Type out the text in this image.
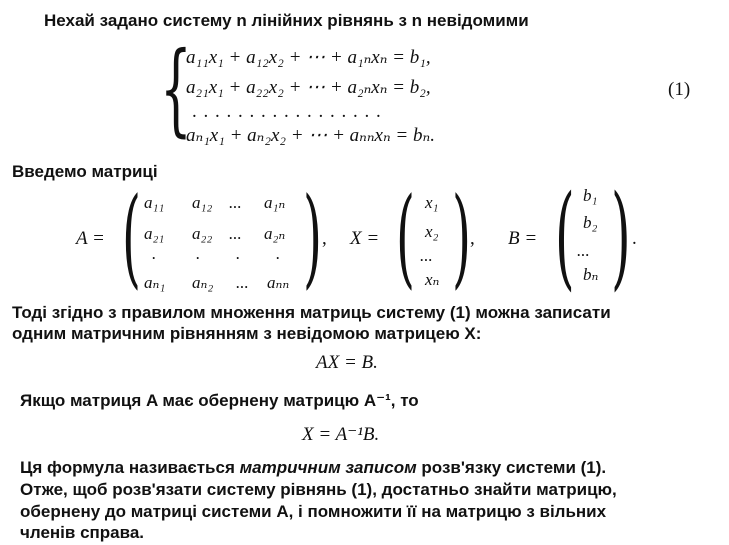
Нехай задано систему n лінійних рівнянь з n невідомими
{
a₁₁x₁ + a₁₂x₂ + ⋯ + a₁ₙxₙ = b₁,
a₂₁x₁ + a₂₂x₂ + ⋯ + a₂ₙxₙ = b₂,
. . . . . . . . . . . . . . . . .
aₙ₁x₁ + aₙ₂x₂ + ⋯ + aₙₙxₙ = bₙ.
(1)
Введемо матриці
A = ( )
a₁₁ a₁₂ ... a₁ₙ
a₂₁ a₂₂ ... a₂ₙ
. . . .
aₙ₁ aₙ₂ ... aₙₙ
, X = ( )
x₁
x₂
...
xₙ
, B = ( )
b₁
b₂
...
bₙ
.
Тоді згідно з правилом множення матриць систему (1) можна записати
одним матричним рівнянням з невідомою матрицею X:
AX = B.
Якщо матриця A має обернену матрицю A⁻¹, то
X = A⁻¹B.
Ця формула називається матричним записом розв'язку системи (1).
Отже, щоб розв'язати систему рівнянь (1), достатньо знайти матрицю,
обернену до матриці системи A, і помножити її на матрицю з вільних
членів справа.
